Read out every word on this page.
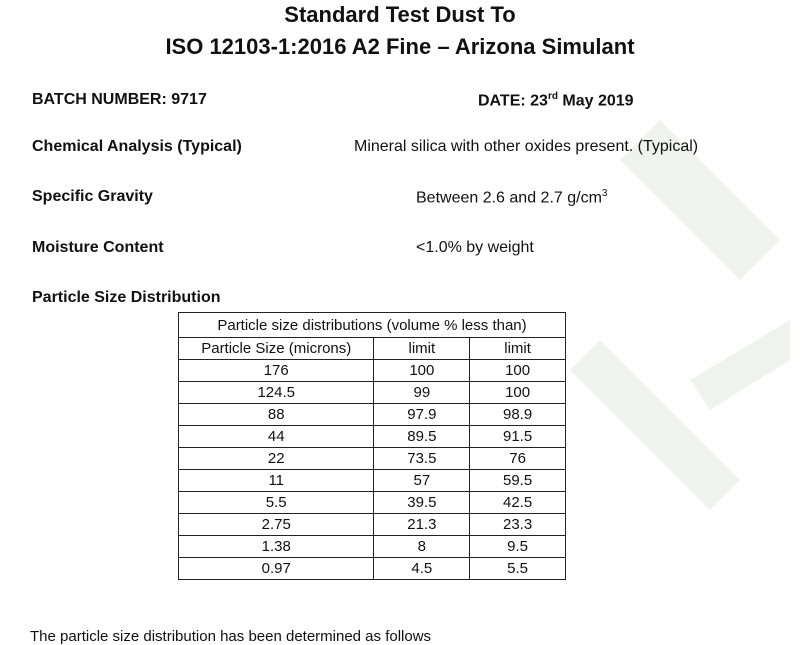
Standard Test Dust To
ISO 12103-1:2016 A2 Fine – Arizona Simulant
BATCH NUMBER: 9717	DATE: 23rd May 2019
Chemical Analysis (Typical)	Mineral silica with other oxides present. (Typical)
Specific Gravity	Between 2.6 and 2.7 $g/cm^3$
Moisture Content	<1.0% by weight
Particle Size Distribution
Particle size distributions (volume % less than)		
Particle Size (microns)	limit	limit
176	100	100
124.5	99	100
88	97.9	98.9
44	89.5	91.5
22	73.5	76
11	57	59.5
5.5	39.5	42.5
2.75	21.3	23.3
1.38	8	9.5
0.97	4.5	5.5
The particle size distribution has been determined as follows
